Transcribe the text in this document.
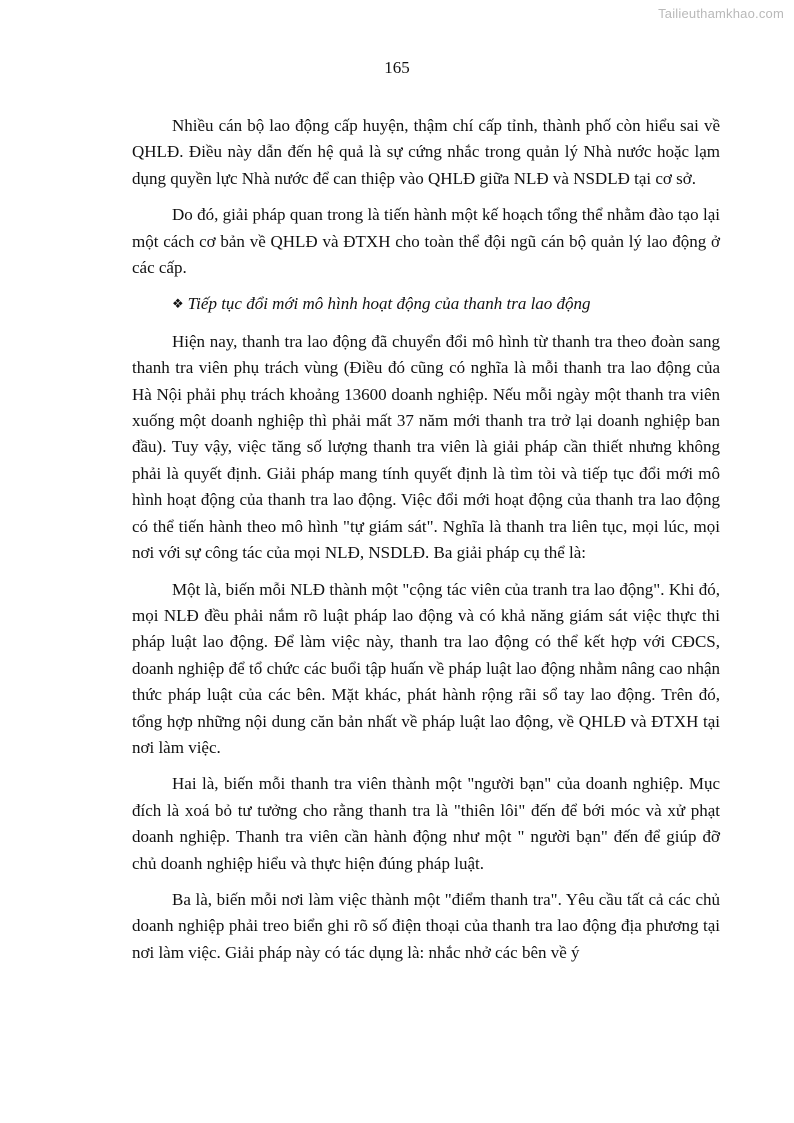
Tailieuthamkhao.com
165

Nhiều cán bộ lao động cấp huyện, thậm chí cấp tỉnh, thành phố còn hiểu sai về QHLĐ. Điều này dẫn đến hệ quả là sự cứng nhắc trong quản lý Nhà nước hoặc lạm dụng quyền lực Nhà nước để can thiệp vào QHLĐ giữa NLĐ và NSDLĐ tại cơ sở.

Do đó, giải pháp quan trong là tiến hành một kế hoạch tổng thể nhằm đào tạo lại một cách cơ bản về QHLĐ và ĐTXH cho toàn thể đội ngũ cán bộ quản lý lao động ở các cấp.

❖ Tiếp tục đổi mới mô hình hoạt động của thanh tra lao động

Hiện nay, thanh tra lao động đã chuyển đổi mô hình từ thanh tra theo đoàn sang thanh tra viên phụ trách vùng (Điều đó cũng có nghĩa là mỗi thanh tra lao động của Hà Nội phải phụ trách khoảng 13600 doanh nghiệp. Nếu mỗi ngày một thanh tra viên xuống một doanh nghiệp thì phải mất 37 năm mới thanh tra trở lại doanh nghiệp ban đầu). Tuy vậy, việc tăng số lượng thanh tra viên là giải pháp cần thiết nhưng không phải là quyết định. Giải pháp mang tính quyết định là tìm tòi và tiếp tục đổi mới mô hình hoạt động của thanh tra lao động. Việc đổi mới hoạt động của thanh tra lao động có thể tiến hành theo mô hình "tự giám sát". Nghĩa là thanh tra liên tục, mọi lúc, mọi nơi với sự công tác của mọi NLĐ, NSDLĐ. Ba giải pháp cụ thể là:

Một là, biến mỗi NLĐ thành một "cộng tác viên của tranh tra lao động". Khi đó, mọi NLĐ đều phải nắm rõ luật pháp lao động và có khả năng giám sát việc thực thi pháp luật lao động. Để làm việc này, thanh tra lao động có thể kết hợp với CĐCS, doanh nghiệp để tổ chức các buổi tập huấn về pháp luật lao động nhằm nâng cao nhận thức pháp luật của các bên. Mặt khác, phát hành rộng rãi sổ tay lao động. Trên đó, tổng hợp những nội dung căn bản nhất về pháp luật lao động, về QHLĐ và ĐTXH tại nơi làm việc.

Hai là, biến mỗi thanh tra viên thành một "người bạn" của doanh nghiệp. Mục đích là xoá bỏ tư tưởng cho rằng thanh tra là "thiên lôi" đến để bới móc và xử phạt doanh nghiệp. Thanh tra viên cần hành động như một " người bạn" đến để giúp đỡ chủ doanh nghiệp hiểu và thực hiện đúng pháp luật.

Ba là, biến mỗi nơi làm việc thành một "điểm thanh tra". Yêu cầu tất cả các chủ doanh nghiệp phải treo biển ghi rõ số điện thoại của thanh tra lao động địa phương tại nơi làm việc. Giải pháp này có tác dụng là: nhắc nhở các bên về ý
